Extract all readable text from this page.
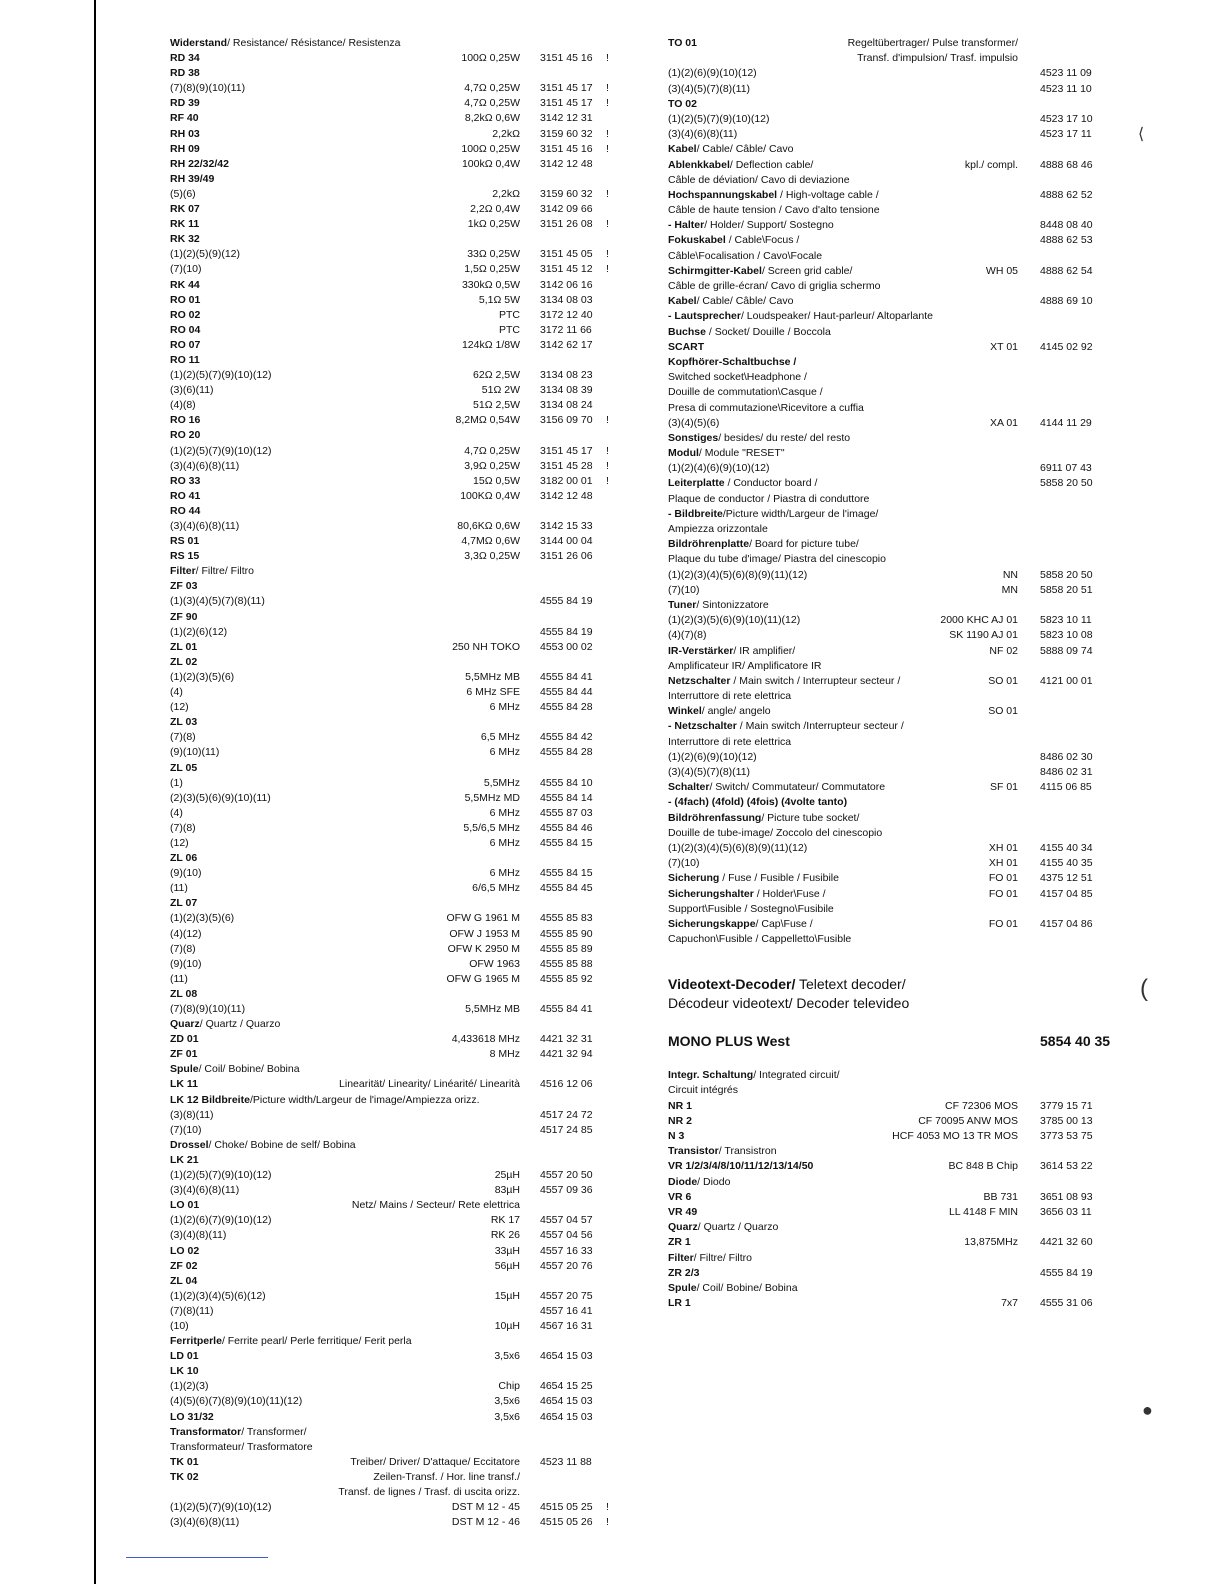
Widerstand/ Resistance/ Résistance/ Resistenza
RD 34	100Ω 0,25W 3151 45 16 !
RD 38
(7)(8)(9)(10)(11)	4,7Ω 0,25W 3151 45 17 !
RD 39	4,7Ω 0,25W 3151 45 17 !
RF 40	8,2kΩ 0,6W 3142 12 31
RH 03	2,2kΩ 3159 60 32 !
RH 09	100Ω 0,25W 3151 45 16 !
RH 22/32/42	100kΩ 0,4W 3142 12 48
RH 39/49
(5)(6)	2,2kΩ 3159 60 32 !
RK 07	2,2Ω 0,4W 3142 09 66
RK 11	1kΩ 0,25W 3151 26 08 !
RK 32
(1)(2)(5)(9)(12)	33Ω 0,25W 3151 45 05 !
(7)(10)	1,5Ω 0,25W 3151 45 12 !
RK 44	330kΩ 0,5W 3142 06 16
RO 01	5,1Ω 5W 3134 08 03
RO 02	PTC 3172 12 40
RO 04	PTC 3172 11 66
RO 07	124kΩ 1/8W 3142 62 17
RO 11
(1)(2)(5)(7)(9)(10)(12)	62Ω 2,5W 3134 08 23
(3)(6)(11)	51Ω 2W 3134 08 39
(4)(8)	51Ω 2,5W 3134 08 24
RO 16	8,2MΩ 0,54W 3156 09 70 !
RO 20
(1)(2)(5)(7)(9)(10)(12)	4,7Ω 0,25W 3151 45 17 !
(3)(4)(6)(8)(11)	3,9Ω 0,25W 3151 45 28 !
RO 33	15Ω 0,5W 3182 00 01 !
RO 41	100KΩ 0,4W 3142 12 48
RO 44
(3)(4)(6)(8)(11)	80,6KΩ 0,6W 3142 15 33
RS 01	4,7MΩ 0,6W 3144 00 04
RS 15	3,3Ω 0,25W 3151 26 06
Filter/ Filtre/ Filtro
ZF 03
(1)(3)(4)(5)(7)(8)(11)	4555 84 19
ZF 90
(1)(2)(6)(12)	4555 84 19
ZL 01	250 NH TOKO 4553 00 02
ZL 02
(1)(2)(3)(5)(6)	5,5MHz MB 4555 84 41
(4)	6 MHz SFE 4555 84 44
(12)	6 MHz 4555 84 28
ZL 03
(7)(8)	6,5 MHz 4555 84 42
(9)(10)(11)	6 MHz 4555 84 28
ZL 05
(1)	5,5MHz 4555 84 10
(2)(3)(5)(6)(9)(10)(11)	5,5MHz MD 4555 84 14
(4)	6 MHz 4555 87 03
(7)(8)	5,5/6,5 MHz 4555 84 46
(12)	6 MHz 4555 84 15
ZL 06
(9)(10)	6 MHz 4555 84 15
(11)	6/6,5 MHz 4555 84 45
ZL 07
(1)(2)(3)(5)(6)	OFW G 1961 M 4555 85 83
(4)(12)	OFW J 1953 M 4555 85 90
(7)(8)	OFW K 2950 M 4555 85 89
(9)(10)	OFW 1963 4555 85 88
(11)	OFW G 1965 M 4555 85 92
ZL 08
(7)(8)(9)(10)(11)	5,5MHz MB 4555 84 41
Quarz/ Quartz / Quarzo
ZD 01	4,433618 MHz 4421 32 31
ZF 01	8 MHz 4421 32 94
Spule/ Coil/ Bobine/ Bobina
LK 11	Linearität/ Linearity/ Linéarité/ Linearità 4516 12 06
LK 12 Bildbreite/Picture width/Largeur de l'image/Ampiezza orizz.
(3)(8)(11)	4517 24 72
(7)(10)	4517 24 85
Drossel/ Choke/ Bobine de self/ Bobina
LK 21
(1)(2)(5)(7)(9)(10)(12)	25µH 4557 20 50
(3)(4)(6)(8)(11)	83µH 4557 09 36
LO 01	Netz/ Mains / Secteur/ Rete elettrica
(1)(2)(6)(7)(9)(10)(12)	RK 17 4557 04 57
(3)(4)(8)(11)	RK 26 4557 04 56
LO 02	33µH 4557 16 33
ZF 02	56µH 4557 20 76
ZL 04
(1)(2)(3)(4)(5)(6)(12)	15µH 4557 20 75
(7)(8)(11)	4557 16 41
(10)	10µH 4567 16 31
Ferritperle/ Ferrite pearl/ Perle ferritique/ Ferit perla
LD 01	3,5x6 4654 15 03
LK 10
(1)(2)(3)	Chip 4654 15 25
(4)(5)(6)(7)(8)(9)(10)(11)(12)	3,5x6 4654 15 03
LO 31/32	3,5x6 4654 15 03
Transformator/ Transformer/
Transformateur/ Trasformatore
TK 01	Treiber/ Driver/ D'attaque/ Eccitatore 4523 11 88
TK 02	Zeilen-Transf. / Hor. line transf./
Transf. de lignes / Trasf. di uscita orizz.
(1)(2)(5)(7)(9)(10)(12)	DST M 12 - 45 4515 05 25 !
(3)(4)(6)(8)(11)	DST M 12 - 46 4515 05 26 !
TO 01	Regeltübertrager/ Pulse transformer/
Transf. d'impulsion/ Trasf. impulsio
(1)(2)(6)(9)(10)(12)	4523 11 09
(3)(4)(5)(7)(8)(11)	4523 11 10
TO 02
(1)(2)(5)(7)(9)(10)(12)	4523 17 10
(3)(4)(6)(8)(11)	4523 17 11
Kabel/ Cable/ Câble/ Cavo
Ablenkkabel/ Deflection cable/	kpl./ compl. 4888 68 46
Câble de déviation/ Cavo di deviazione
Hochspannungskabel / High-voltage cable /	4888 62 52
Câble de haute tension / Cavo d'alto tensione
- Halter/ Holder/ Support/ Sostegno	8448 08 40
Fokuskabel / Cable\Focus /	4888 62 53
Câble\Focalisation / Cavo\Focale
Schirmgitter-Kabel/ Screen grid cable/	WH 05 4888 62 54
Câble de grille-écran/ Cavo di griglia schermo
Kabel/ Cable/ Câble/ Cavo	4888 69 10
- Lautsprecher/ Loudspeaker/ Haut-parleur/ Altoparlante
Buchse / Socket/ Douille / Boccola
SCART	XT 01 4145 02 92
Kopfhörer-Schaltbuchse /
Switched socket\Headphone /
Douille de commutation\Casque /
Presa di commutazione\Ricevitore a cuffia
(3)(4)(5)(6)	XA 01 4144 11 29
Sonstiges/ besides/ du reste/ del resto
Modul/ Module "RESET"
(1)(2)(4)(6)(9)(10)(12)	6911 07 43
Leiterplatte / Conductor board /	5858 20 50
Plaque de conductor / Piastra di conduttore
- Bildbreite/Picture width/Largeur de l'image/
Ampiezza orizzontale
Bildröhrenplatte/ Board for picture tube/
Plaque du tube d'image/ Piastra del cinescopio
(1)(2)(3)(4)(5)(6)(8)(9)(11)(12)	NN 5858 20 50
(7)(10)	MN 5858 20 51
Tuner/ Sintonizzatore
(1)(2)(3)(5)(6)(9)(10)(11)(12)	2000 KHC AJ 01 5823 10 11
(4)(7)(8)	SK 1190 AJ 01 5823 10 08
IR-Verstärker/ IR amplifier/	NF 02 5888 09 74
Amplificateur IR/ Amplificatore IR
Netzschalter / Main switch / Interrupteur secteur /	SO 01 4121 00 01
Interruttore di rete elettrica
Winkel/ angle/ angelo	SO 01
- Netzschalter / Main switch /Interrupteur secteur /
Interruttore di rete elettrica
(1)(2)(6)(9)(10)(12)	8486 02 30
(3)(4)(5)(7)(8)(11)	8486 02 31
Schalter/ Switch/ Commutateur/ Commutatore	SF 01 4115 06 85
- (4fach) (4fold) (4fois) (4volte tanto)
Bildröhrenfassung/ Picture tube socket/
Douille de tube-image/ Zoccolo del cinescopio
(1)(2)(3)(4)(5)(6)(8)(9)(11)(12)	XH 01 4155 40 34
(7)(10)	XH 01 4155 40 35
Sicherung / Fuse / Fusible / Fusibile	FO 01 4375 12 51
Sicherungshalter / Holder\Fuse /	FO 01 4157 04 85
Support\Fusible / Sostegno\Fusibile
Sicherungskappe/ Cap\Fuse /	FO 01 4157 04 86
Capuchon\Fusible / Cappelletto\Fusible
Videotext-Decoder/ Teletext decoder/
Décodeur videotext/ Decoder televideo
MONO PLUS West	5854 40 35
Integr. Schaltung/ Integrated circuit/
Circuit intégrés
NR 1	CF 72306 MOS 3779 15 71
NR 2	CF 70095 ANW MOS 3785 00 13
N 3	HCF 4053 MO 13 TR MOS 3773 53 75
Transistor/ Transistron
VR 1/2/3/4/8/10/11/12/13/14/50	BC 848 B Chip 3614 53 22
Diode/ Diodo
VR 6	BB 731 3651 08 93
VR 49	LL 4148 F MIN 3656 03 11
Quarz/ Quartz / Quarzo
ZR 1	13,875MHz 4421 32 60
Filter/ Filtre/ Filtro
ZR 2/3	4555 84 19
Spule/ Coil/ Bobine/ Bobina
LR 1	7x7 4555 31 06
⟨
(
●
